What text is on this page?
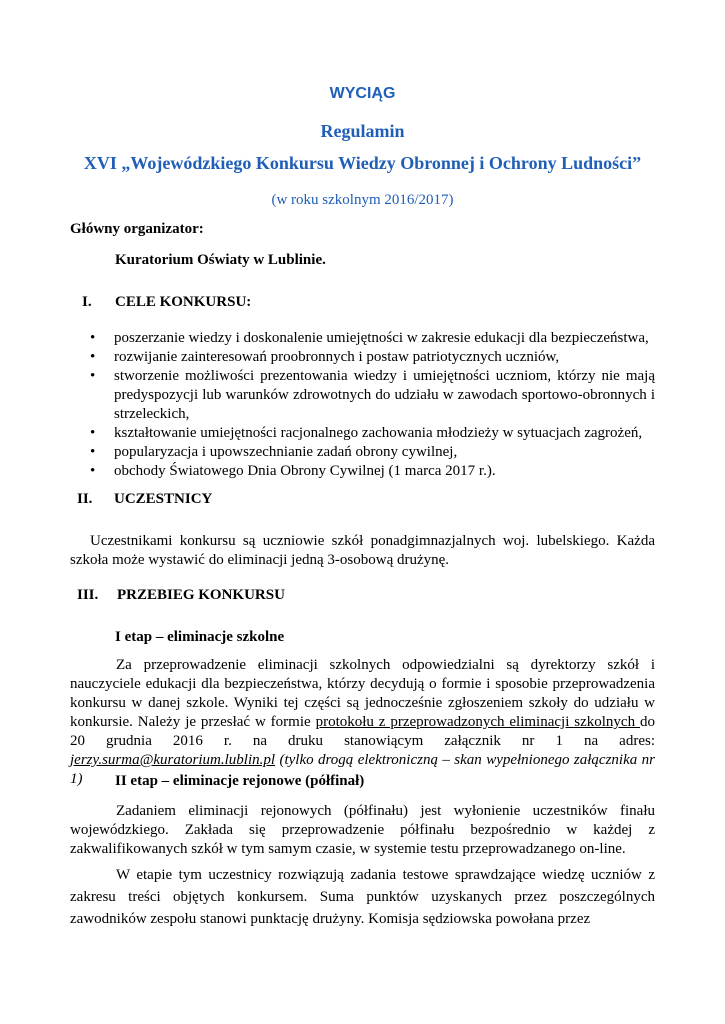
WYCIĄG
Regulamin
XVI „Wojewódzkiego Konkursu Wiedzy Obronnej i Ochrony Ludności”
(w roku szkolnym 2016/2017)
Główny organizator:
Kuratorium Oświaty w Lublinie.
I. CELE KONKURSU:
• poszerzanie wiedzy i doskonalenie umiejętności w zakresie edukacji dla bezpieczeństwa,
• rozwijanie zainteresowań proobronnych i postaw patriotycznych uczniów,
• stworzenie możliwości prezentowania wiedzy i umiejętności uczniom, którzy nie mają predyspozycji lub warunków zdrowotnych do udziału w zawodach sportowo-obronnych i strzeleckich,
• kształtowanie umiejętności racjonalnego zachowania młodzieży w sytuacjach zagrożeń,
• popularyzacja i upowszechnianie zadań obrony cywilnej,
• obchody Światowego Dnia Obrony Cywilnej (1 marca 2017 r.).
II. UCZESTNICY
Uczestnikami konkursu są uczniowie szkół ponadgimnazjalnych woj. lubelskiego. Każda szkoła może wystawić do eliminacji jedną 3-osobową drużynę.
III. PRZEBIEG KONKURSU
I etap – eliminacje szkolne
Za przeprowadzenie eliminacji szkolnych odpowiedzialni są dyrektorzy szkół i nauczyciele edukacji dla bezpieczeństwa, którzy decydują o formie i sposobie przeprowadzenia konkursu w danej szkole. Wyniki tej części są jednocześnie zgłoszeniem szkoły do udziału w konkursie. Należy je przesłać w formie protokołu z przeprowadzonych eliminacji szkolnych do 20 grudnia 2016 r. na druku stanowiącym załącznik nr 1 na adres: jerzy.surma@kuratorium.lublin.pl (tylko drogą elektroniczną – skan wypełnionego załącznika nr 1)	II etap – eliminacje rejonowe (półfinał)
Zadaniem eliminacji rejonowych (półfinału) jest wyłonienie uczestników finału wojewódzkiego. Zakłada się przeprowadzenie półfinału bezpośrednio w każdej z zakwalifikowanych szkół w tym samym czasie, w systemie testu przeprowadzanego on-line.
W etapie tym uczestnicy rozwiązują zadania testowe sprawdzające wiedzę uczniów z zakresu treści objętych konkursem. Suma punktów uzyskanych przez poszczególnych zawodników zespołu stanowi punktację drużyny. Komisja sędziowska powołana przez
